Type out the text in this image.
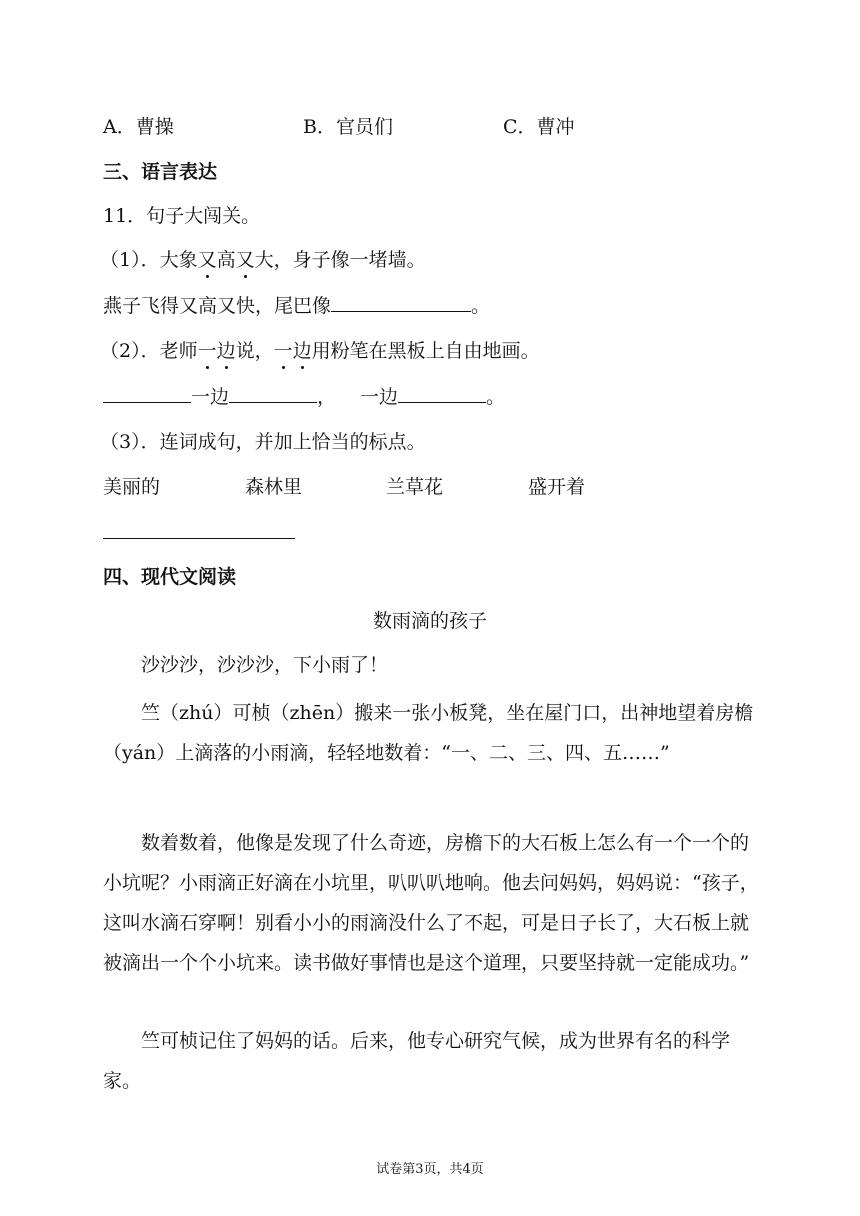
A．曹操	B．官员们	C．曹冲
三、语言表达
11．句子大闯关。
（1）．大象又高又大，身子像一堵墙。
燕子飞得又高又快，尾巴像	。
（2）．老师一边说，一边用粉笔在黑板上自由地画。
一边	， 一边	。
（3）．连词成句，并加上恰当的标点。
美丽的	森林里	兰草花	盛开着
四、现代文阅读
数雨滴的孩子
沙沙沙，沙沙沙，下小雨了！
竺（zhú）可桢（zhēn）搬来一张小板凳，坐在屋门口，出神地望着房檐（yán）上滴落的小雨滴，轻轻地数着：“一、二、三、四、五……”
数着数着，他像是发现了什么奇迹，房檐下的大石板上怎么有一个一个的小坑呢？小雨滴正好滴在小坑里，叭叭叭地响。他去问妈妈，妈妈说：“孩子，这叫水滴石穿啊！别看小小的雨滴没什么了不起，可是日子长了，大石板上就被滴出一个个小坑来。读书做好事情也是这个道理，只要坚持就一定能成功。”
竺可桢记住了妈妈的话。后来，他专心研究气候，成为世界有名的科学家。
试卷第3页，共4页
